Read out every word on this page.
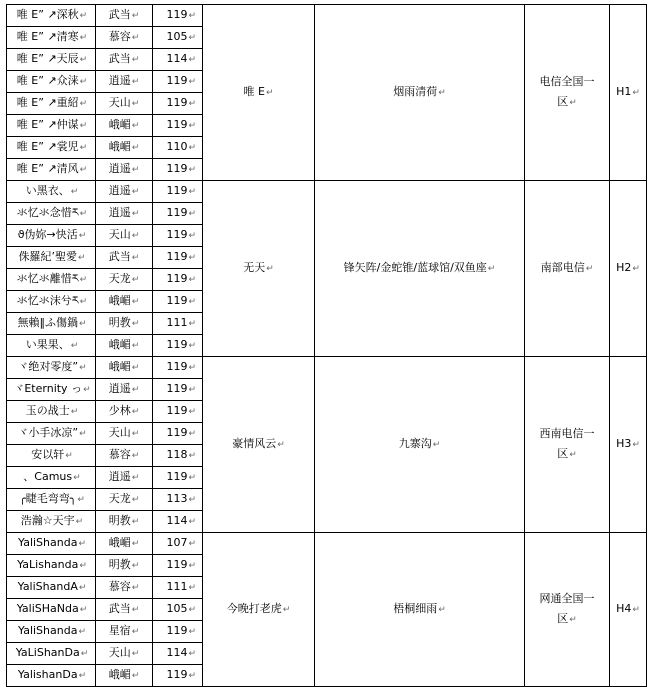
唯 E” ↗深秋↵	武当↵	119↵	唯 E↵	烟雨清荷↵	电信全国一区↵	H1↵
唯 E” ↗清寒↵	慕容↵	105↵				
唯 E” ↗天辰↵	武当↵	114↵				
唯 E” ↗众涞↵	逍遥↵	119↵				
唯 E” ↗重紹↵	天山↵	119↵				
唯 E” ↗仲谋↵	峨嵋↵	119↵				
唯 E” ↗裳児↵	峨嵋↵	110↵				
唯 E” ↗清风↵	逍遥↵	119↵				
い黑衣、↵	逍遥↵	119↵	无天↵	锋矢阵/金蛇锥/蓝球馆/双鱼座↵	南部电信↵	H2↵
氺忆氺念惜ར↵	逍遥↵	119↵				
ϑ伪妳→快活↵	天山↵	119↵				
侏羅紀’聖愛↵	武当↵	119↵				
氺忆氺離惜ར↵	天龙↵	119↵				
氺忆氺沫兮ར↵	峨嵋↵	119↵				
無賴‖ふ傷鍋↵	明教↵	111↵				
い果果、↵	峨嵋↵	119↵				
ヾ绝对零度”↵	峨嵋↵	119↵	豪情风云↵	九寨沟↵	西南电信一区↵	H3↵
ヾEternity っ↵	逍遥↵	119↵				
玉の战士↵	少林↵	119↵				
ヾ小手冰凉”↵	天山↵	119↵				
安以轩↵	慕容↵	118↵				
、Camus↵	逍遥↵	119↵				
╭睫毛弯弯╮↵	天龙↵	113↵				
浩瀚☆天宇↵	明教↵	114↵				
YaliShanda↵	峨嵋↵	107↵	今晚打老虎↵	梧桐细雨↵	网通全国一区↵	H4↵
YaLishanda↵	明教↵	119↵				
YaliShandA↵	慕容↵	111↵				
YaliSHaNda↵	武当↵	105↵				
YaliShanda↵	星宿↵	119↵				
YaLiShanDa↵	天山↵	114↵				
YalishanDa↵	峨嵋↵	119↵				
